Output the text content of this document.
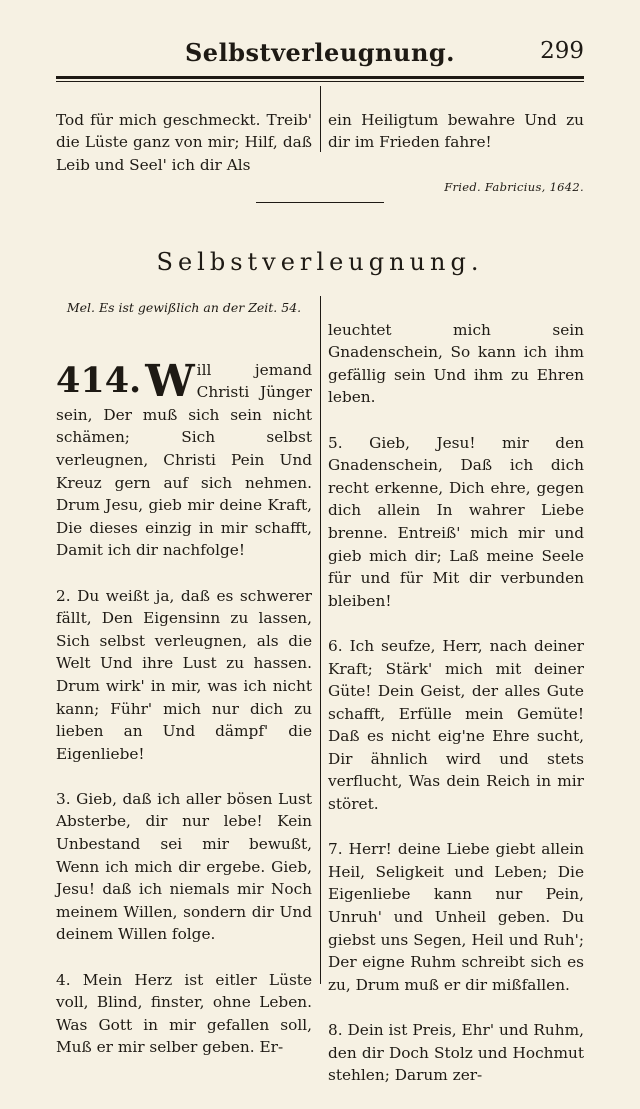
Selbstverleugnung.	299

Tod für mich geschmeckt. Treib' die Lüste ganz von mir; Hilf, daß Leib und Seel' ich dir Als

ein Heiligtum bewahre Und zu dir im Frieden fahre!

Fried. Fabricius, 1642.

Selbstverleugnung.
Mel. Es ist gewißlich an der Zeit. 54.

414. W ill jemand Christi Jünger sein, Der muß sich sein nicht schämen; Sich selbst verleugnen, Christi Pein Und Kreuz gern auf sich nehmen. Drum Jesu, gieb mir deine Kraft, Die dieses einzig in mir schafft, Damit ich dir nachfolge!

2. Du weißt ja, daß es schwerer fällt, Den Eigensinn zu lassen, Sich selbst verleugnen, als die Welt Und ihre Lust zu hassen. Drum wirk' in mir, was ich nicht kann; Führ' mich nur dich zu lieben an Und dämpf' die Eigenliebe!

3. Gieb, daß ich aller bösen Lust Absterbe, dir nur lebe! Kein Unbestand sei mir bewußt, Wenn ich mich dir ergebe. Gieb, Jesu! daß ich niemals mir Noch meinem Willen, sondern dir Und deinem Willen folge.

4. Mein Herz ist eitler Lüste voll, Blind, finster, ohne Leben. Was Gott in mir gefallen soll, Muß er mir selber geben. Er-

leuchtet mich sein Gnadenschein, So kann ich ihm gefällig sein Und ihm zu Ehren leben.

5. Gieb, Jesu! mir den Gnadenschein, Daß ich dich recht erkenne, Dich ehre, gegen dich allein In wahrer Liebe brenne. Entreiß' mich mir und gieb mich dir; Laß meine Seele für und für Mit dir verbunden bleiben!

6. Ich seufze, Herr, nach deiner Kraft; Stärk' mich mit deiner Güte! Dein Geist, der alles Gute schafft, Erfülle mein Gemüte! Daß es nicht eig'ne Ehre sucht, Dir ähnlich wird und stets verflucht, Was dein Reich in mir störet.

7. Herr! deine Liebe giebt allein Heil, Seligkeit und Leben; Die Eigenliebe kann nur Pein, Unruh' und Unheil geben. Du giebst uns Segen, Heil und Ruh'; Der eigne Ruhm schreibt sich es zu, Drum muß er dir mißfallen.

8. Dein ist Preis, Ehr' und Ruhm, den dir Doch Stolz und Hochmut stehlen; Darum zer-
